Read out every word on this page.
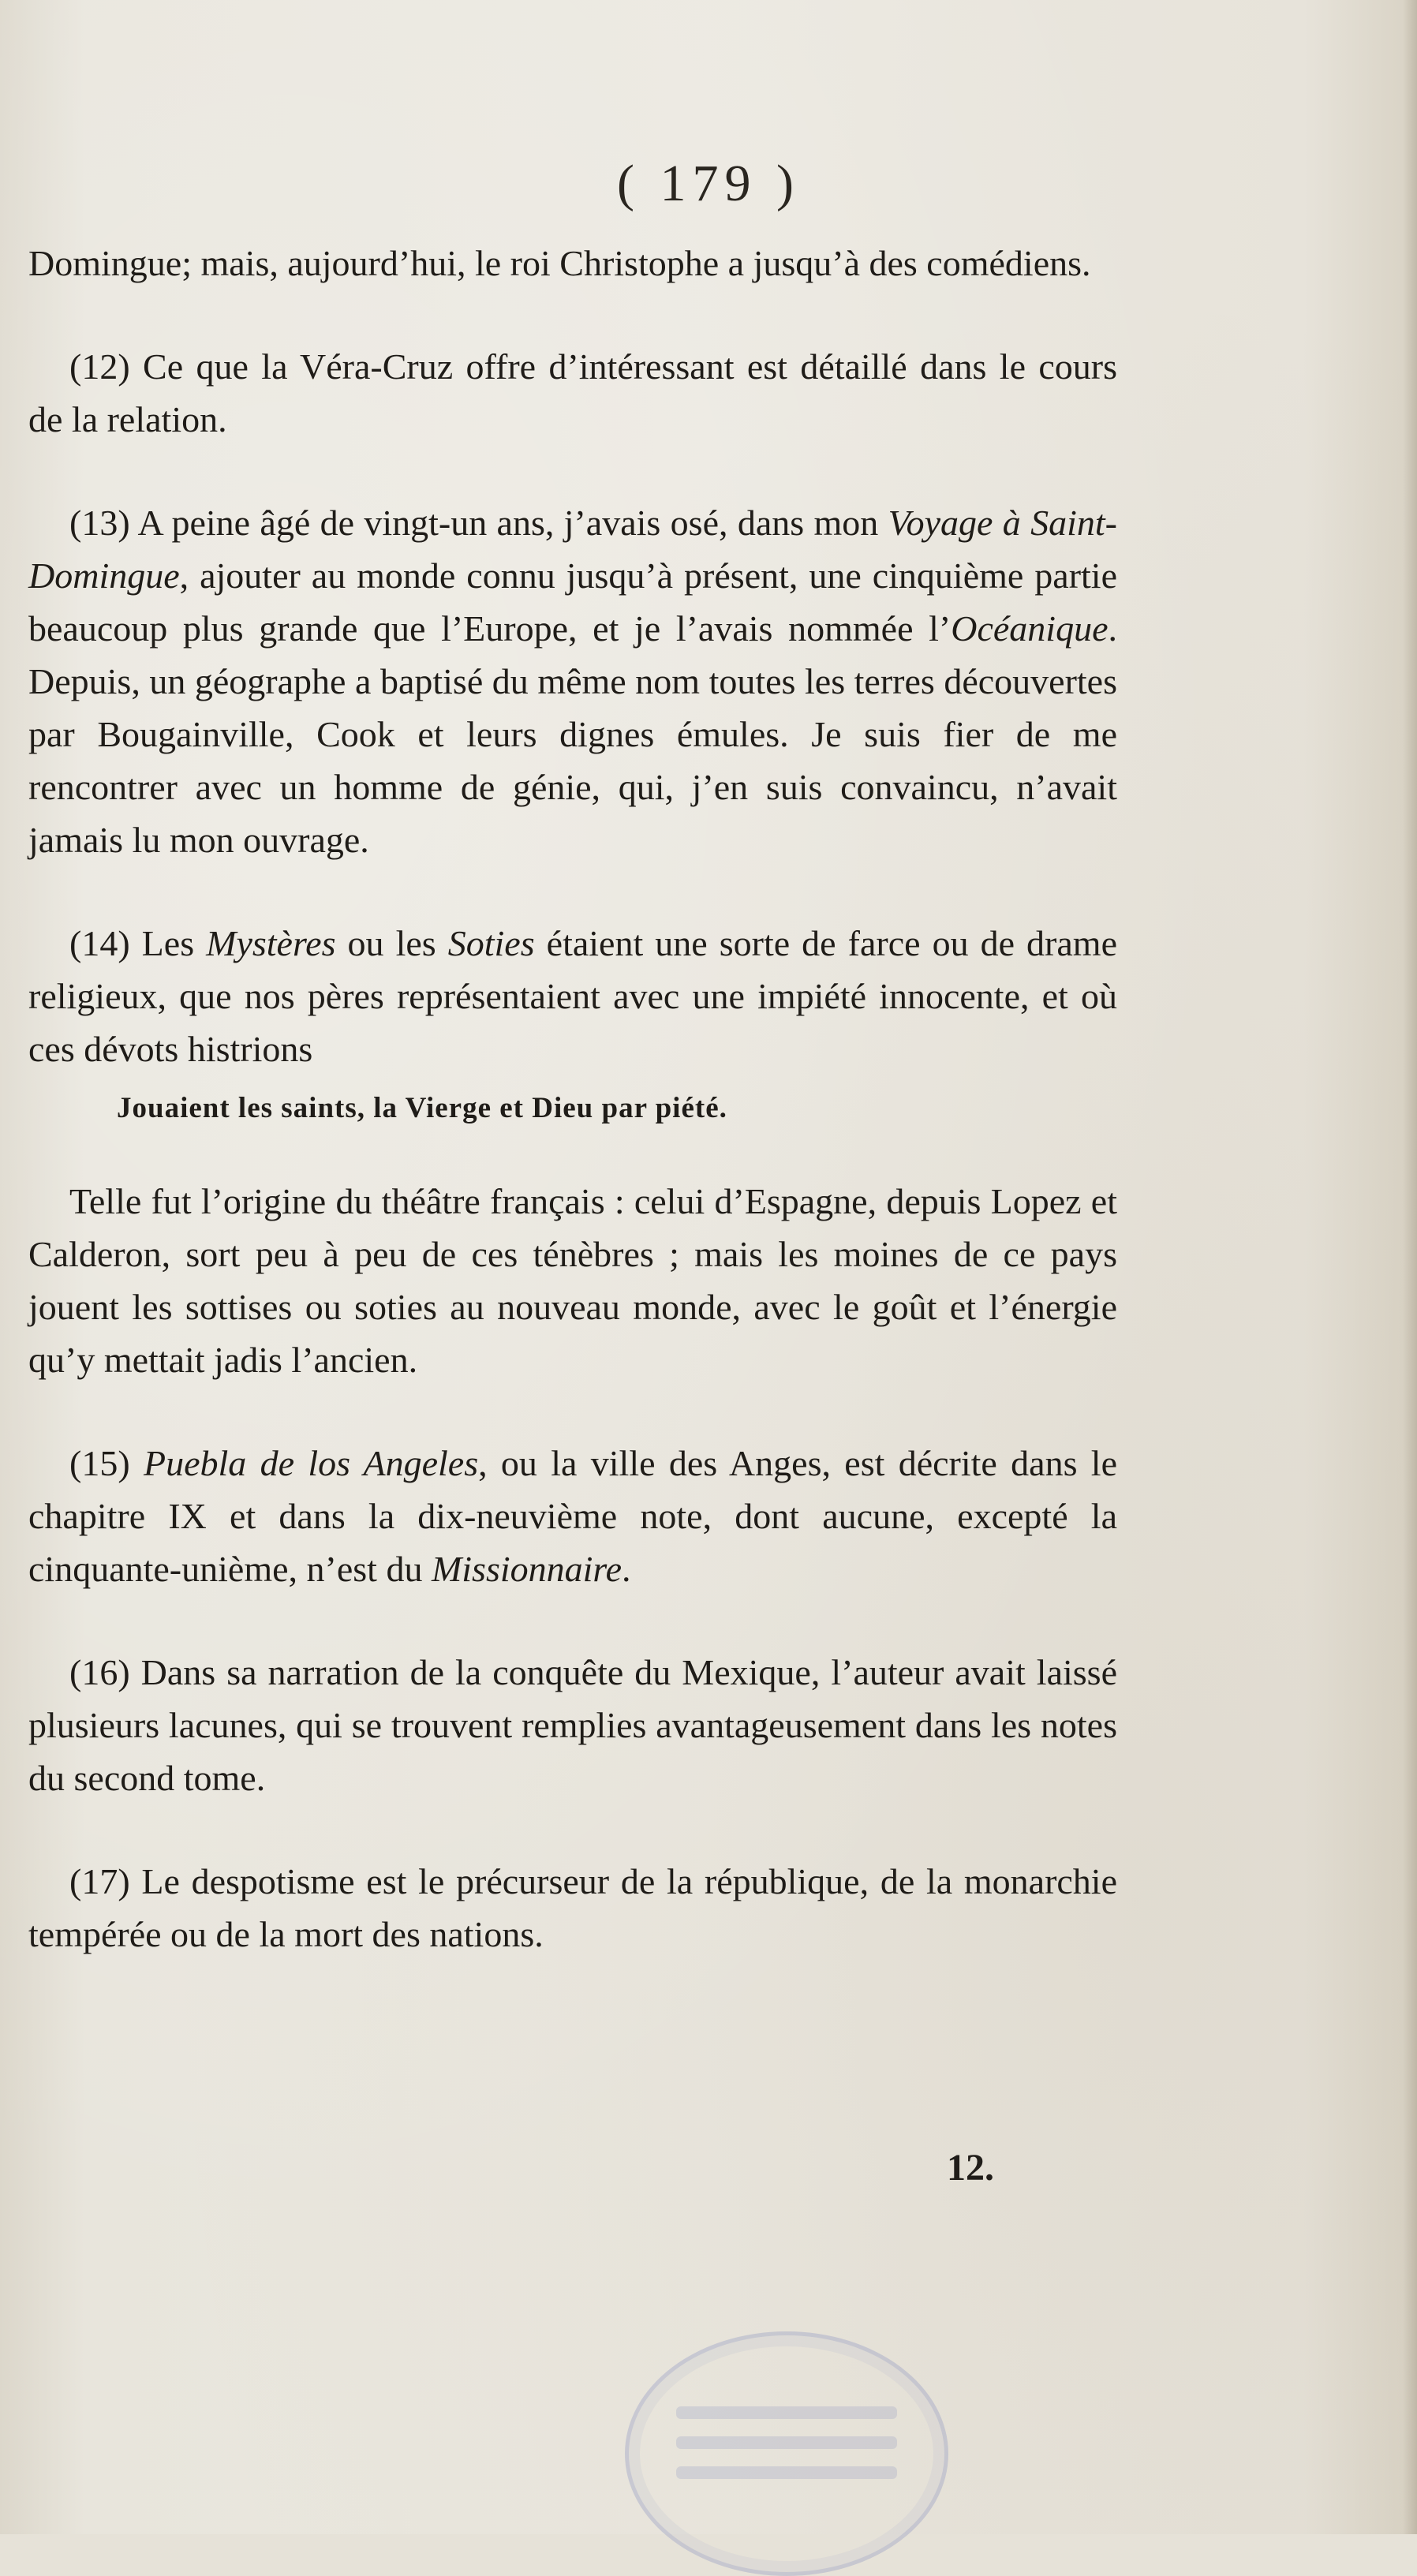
( 179 )

Domingue; mais, aujourd’hui, le roi Christophe a jusqu’à des comédiens.

(12) Ce que la Véra-Cruz offre d’intéressant est détaillé dans le cours de la relation.

(13) A peine âgé de vingt-un ans, j’avais osé, dans mon Voyage à Saint-Domingue, ajouter au monde connu jusqu’à présent, une cinquième partie beaucoup plus grande que l’Europe, et je l’avais nommée l’Océanique. Depuis, un géographe a baptisé du même nom toutes les terres découvertes par Bougainville, Cook et leurs dignes émules. Je suis fier de me rencontrer avec un homme de génie, qui, j’en suis convaincu, n’avait jamais lu mon ouvrage.

(14) Les Mystères ou les Soties étaient une sorte de farce ou de drame religieux, que nos pères représentaient avec une impiété innocente, et où ces dévots histrions

Jouaient les saints, la Vierge et Dieu par piété.

Telle fut l’origine du théâtre français : celui d’Espagne, depuis Lopez et Calderon, sort peu à peu de ces ténèbres ; mais les moines de ce pays jouent les sottises ou soties au nouveau monde, avec le goût et l’énergie qu’y mettait jadis l’ancien.

(15) Puebla de los Angeles, ou la ville des Anges, est décrite dans le chapitre IX et dans la dix-neuvième note, dont aucune, excepté la cinquante-unième, n’est du Missionnaire.

(16) Dans sa narration de la conquête du Mexique, l’auteur avait laissé plusieurs lacunes, qui se trouvent remplies avantageusement dans les notes du second tome.

(17) Le despotisme est le précurseur de la république, de la monarchie tempérée ou de la mort des nations.

12.
